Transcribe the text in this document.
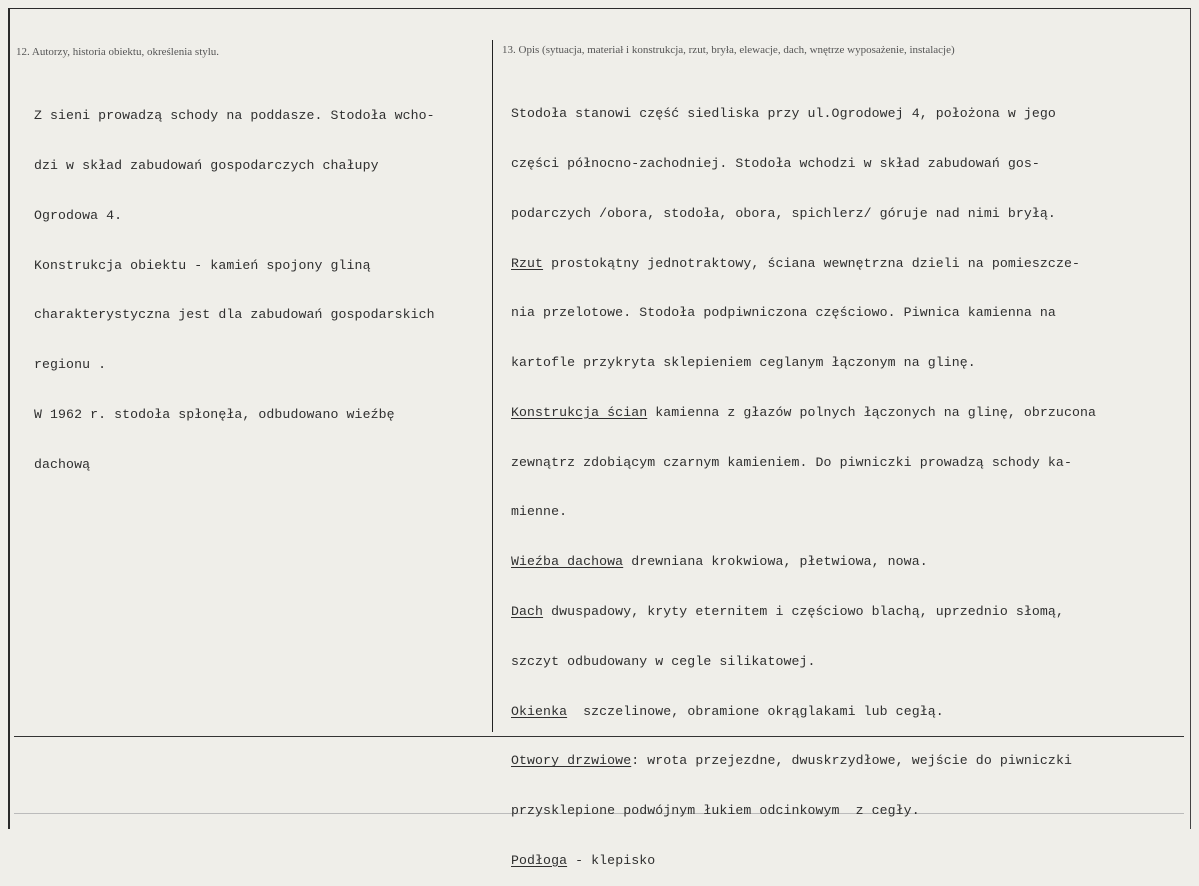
12. Autorzy, historia obiektu, określenia stylu.	13. Opis (sytuacja, materiał i konstrukcja, rzut, bryła, elewacje, dach, wnętrze wyposażenie, instalacje)

Z sieni prowadzą schody na poddasze. Stodoła wcho-

dzi w skład zabudowań gospodarczych chałupy

Ogrodowa 4.

Konstrukcja obiektu - kamień spojony gliną

charakterystyczna jest dla zabudowań gospodarskich

regionu .

W 1962 r. stodoła spłonęła, odbudowano wieźbę

dachową

Stodoła stanowi część siedliska przy ul.Ogrodowej 4, położona w jego

części północno-zachodniej. Stodoła wchodzi w skład zabudowań gos-

podarczych /obora, stodoła, obora, spichlerz/ góruje nad nimi bryłą.

Rzut prostokątny jednotraktowy, ściana wewnętrzna dzieli na pomieszcze-

nia przelotowe. Stodoła podpiwniczona częściowo. Piwnica kamienna na

kartofle przykryta sklepieniem ceglanym łączonym na glinę.

Konstrukcja ścian kamienna z głazów polnych łączonych na glinę, obrzucona

zewnątrz zdobiącym czarnym kamieniem. Do piwniczki prowadzą schody ka-

mienne.

Wieźba dachowa drewniana krokwiowa, płetwiowa, nowa.

Dach dwuspadowy, kryty eternitem i częściowo blachą, uprzednio słomą,

szczyt odbudowany w cegle silikatowej.

Okienka  szczelinowe, obramione okrąglakami lub cegłą.

Otwory drzwiowe: wrota przejezdne, dwuskrzydłowe, wejście do piwniczki

przysklepione podwójnym łukiem odcinkowym  z cegły.

Podłoga - klepisko
